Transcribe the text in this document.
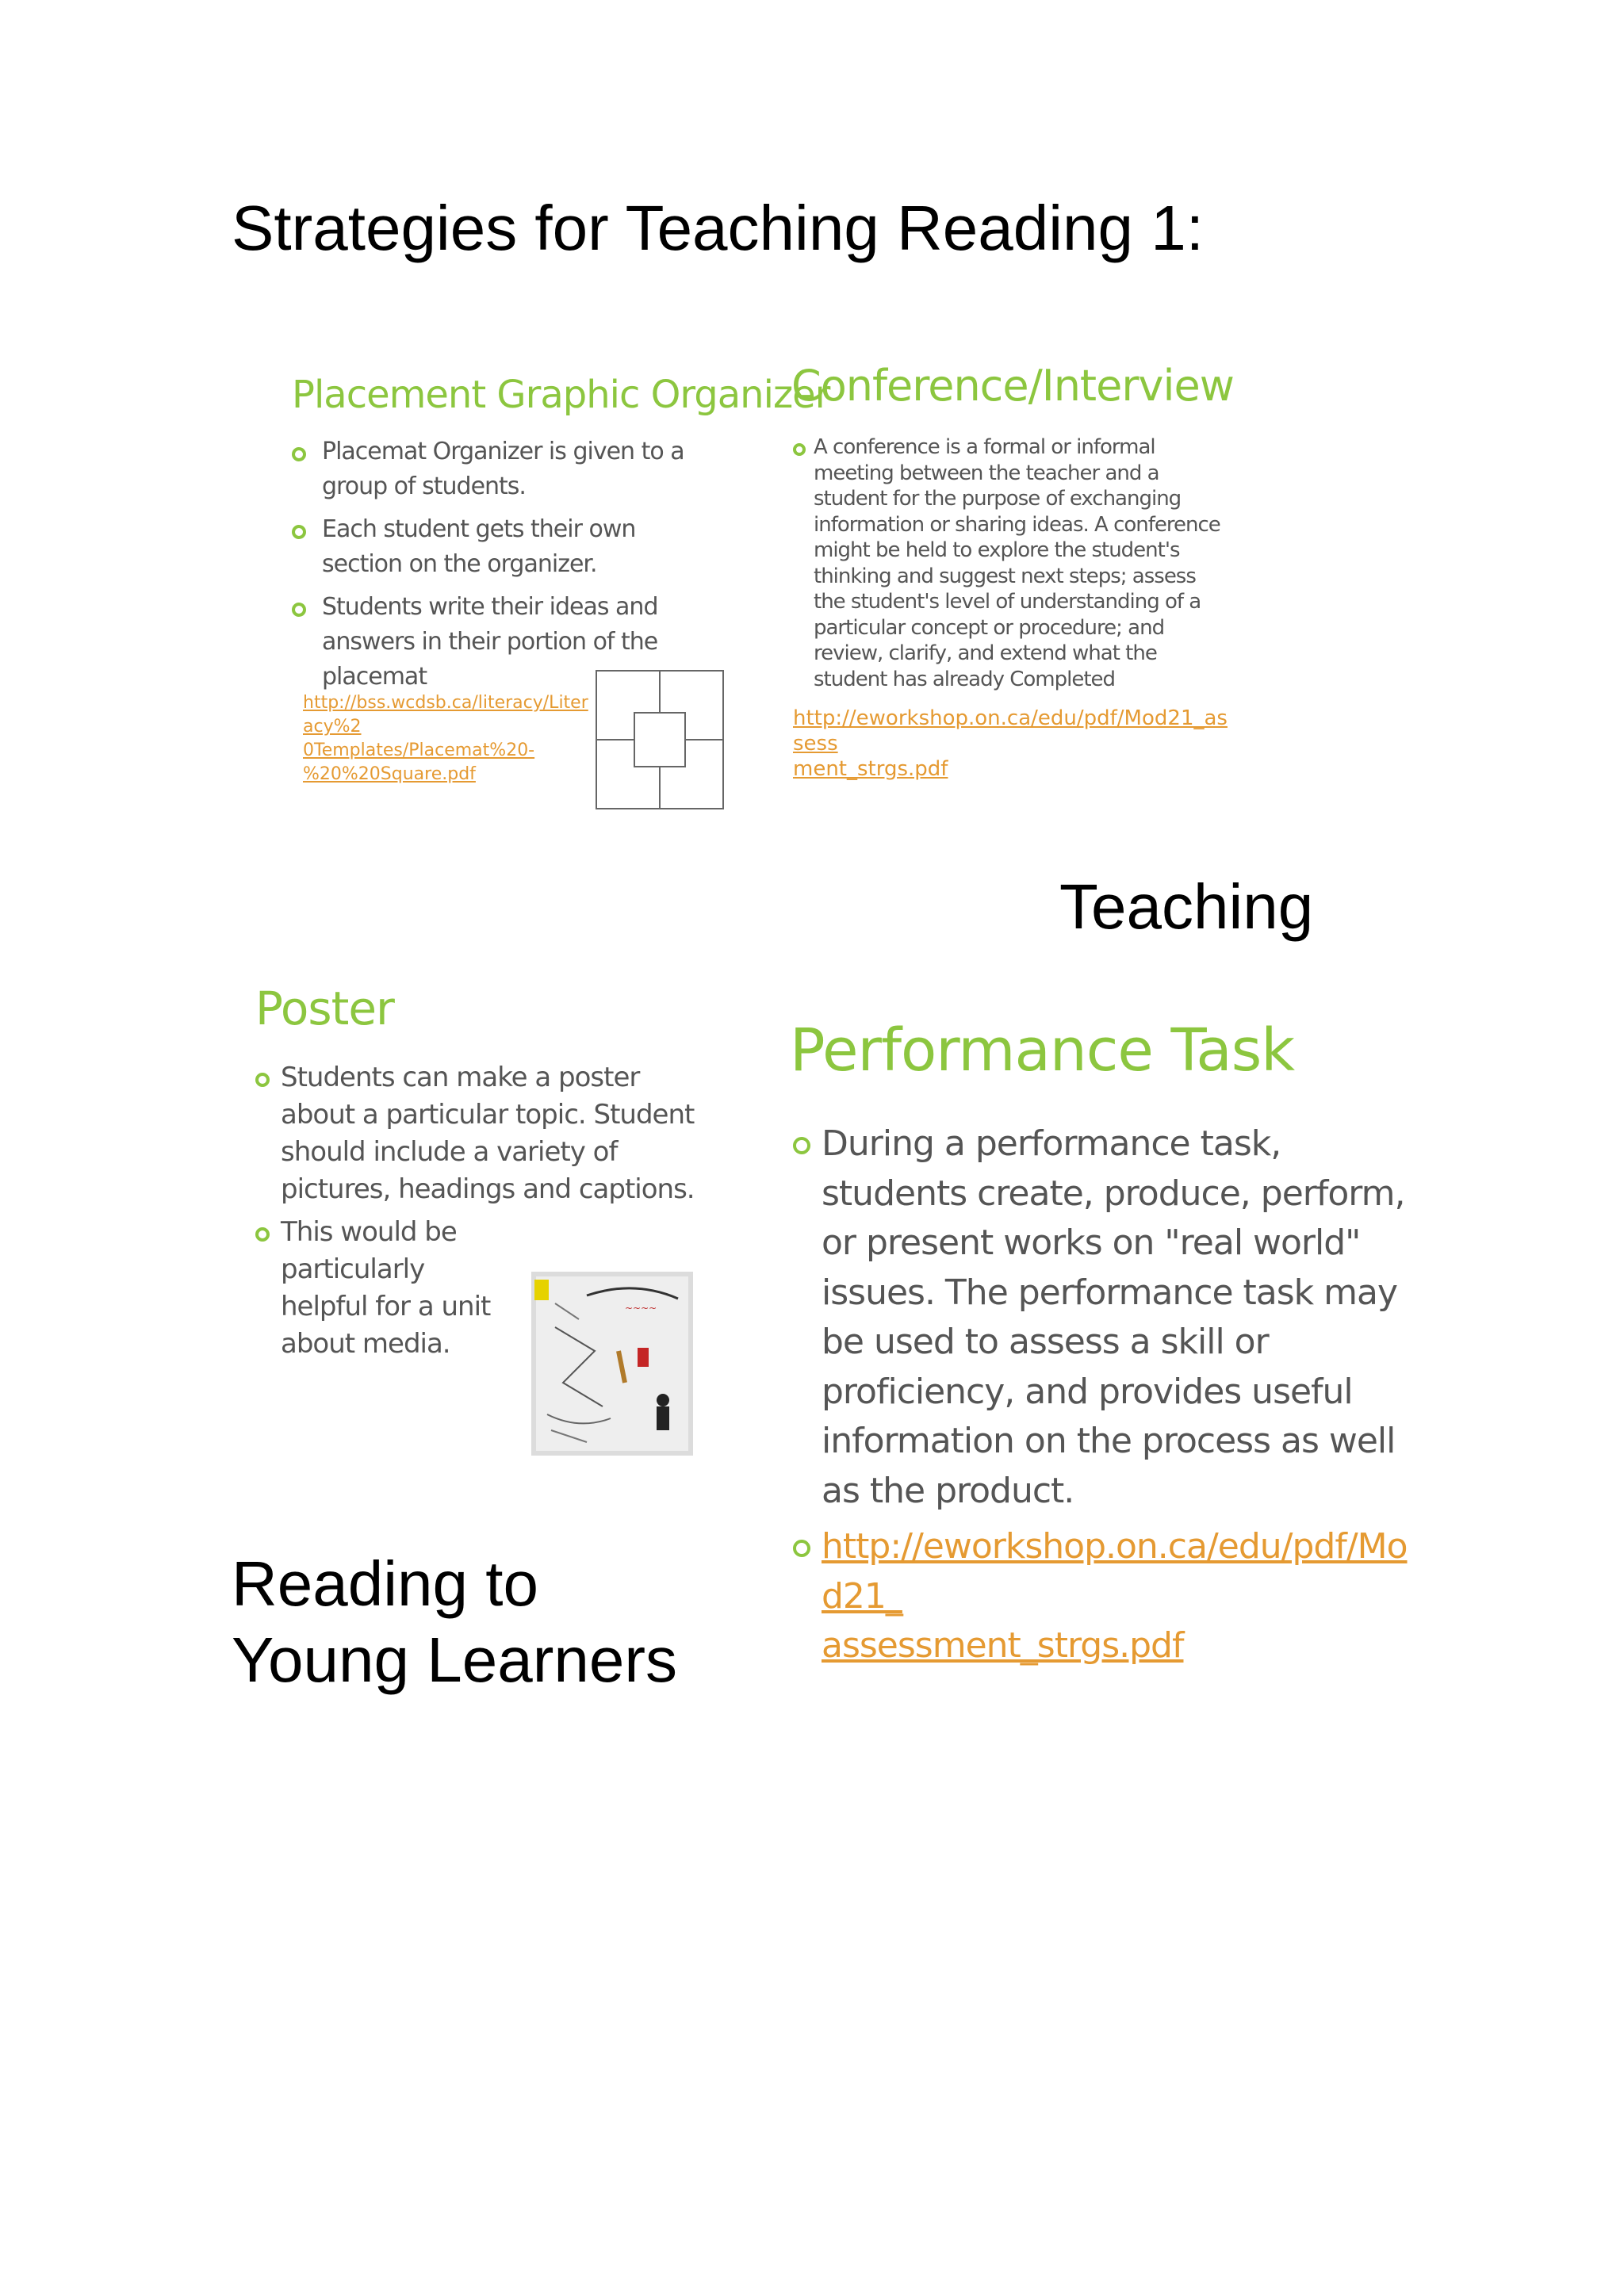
Strategies for Teaching Reading 1:
Placement Graphic Organizer
Placemat Organizer is given to a group of students.
Each student gets their own section on the organizer.
Students write their ideas and answers in their portion of the placemat
http://bss.wcdsb.ca/literacy/Literacy%2
0Templates/Placemat%20-
%20%20Square.pdf
Conference/Interview
A conference is a formal or informal meeting between the teacher and a student for the purpose of exchanging information or sharing ideas. A conference might be held to explore the student's thinking and suggest next steps; assess the student's level of understanding of a particular concept or procedure; and review, clarify, and extend what the student has already Completed
http://eworkshop.on.ca/edu/pdf/Mod21_assess
ment_strgs.pdf
Teaching
Poster
Students can make a poster about a particular topic. Student should include a variety of pictures, headings and captions.
This would be particularly helpful for a unit about media.
~~~~
Performance Task
During a performance task, students create, produce, perform, or present works on "real world" issues. The performance task may be used to assess a skill or proficiency, and provides useful information on the process as well as the product.
http://eworkshop.on.ca/edu/pdf/Mod21_
assessment_strgs.pdf
Reading to
Young Learners
